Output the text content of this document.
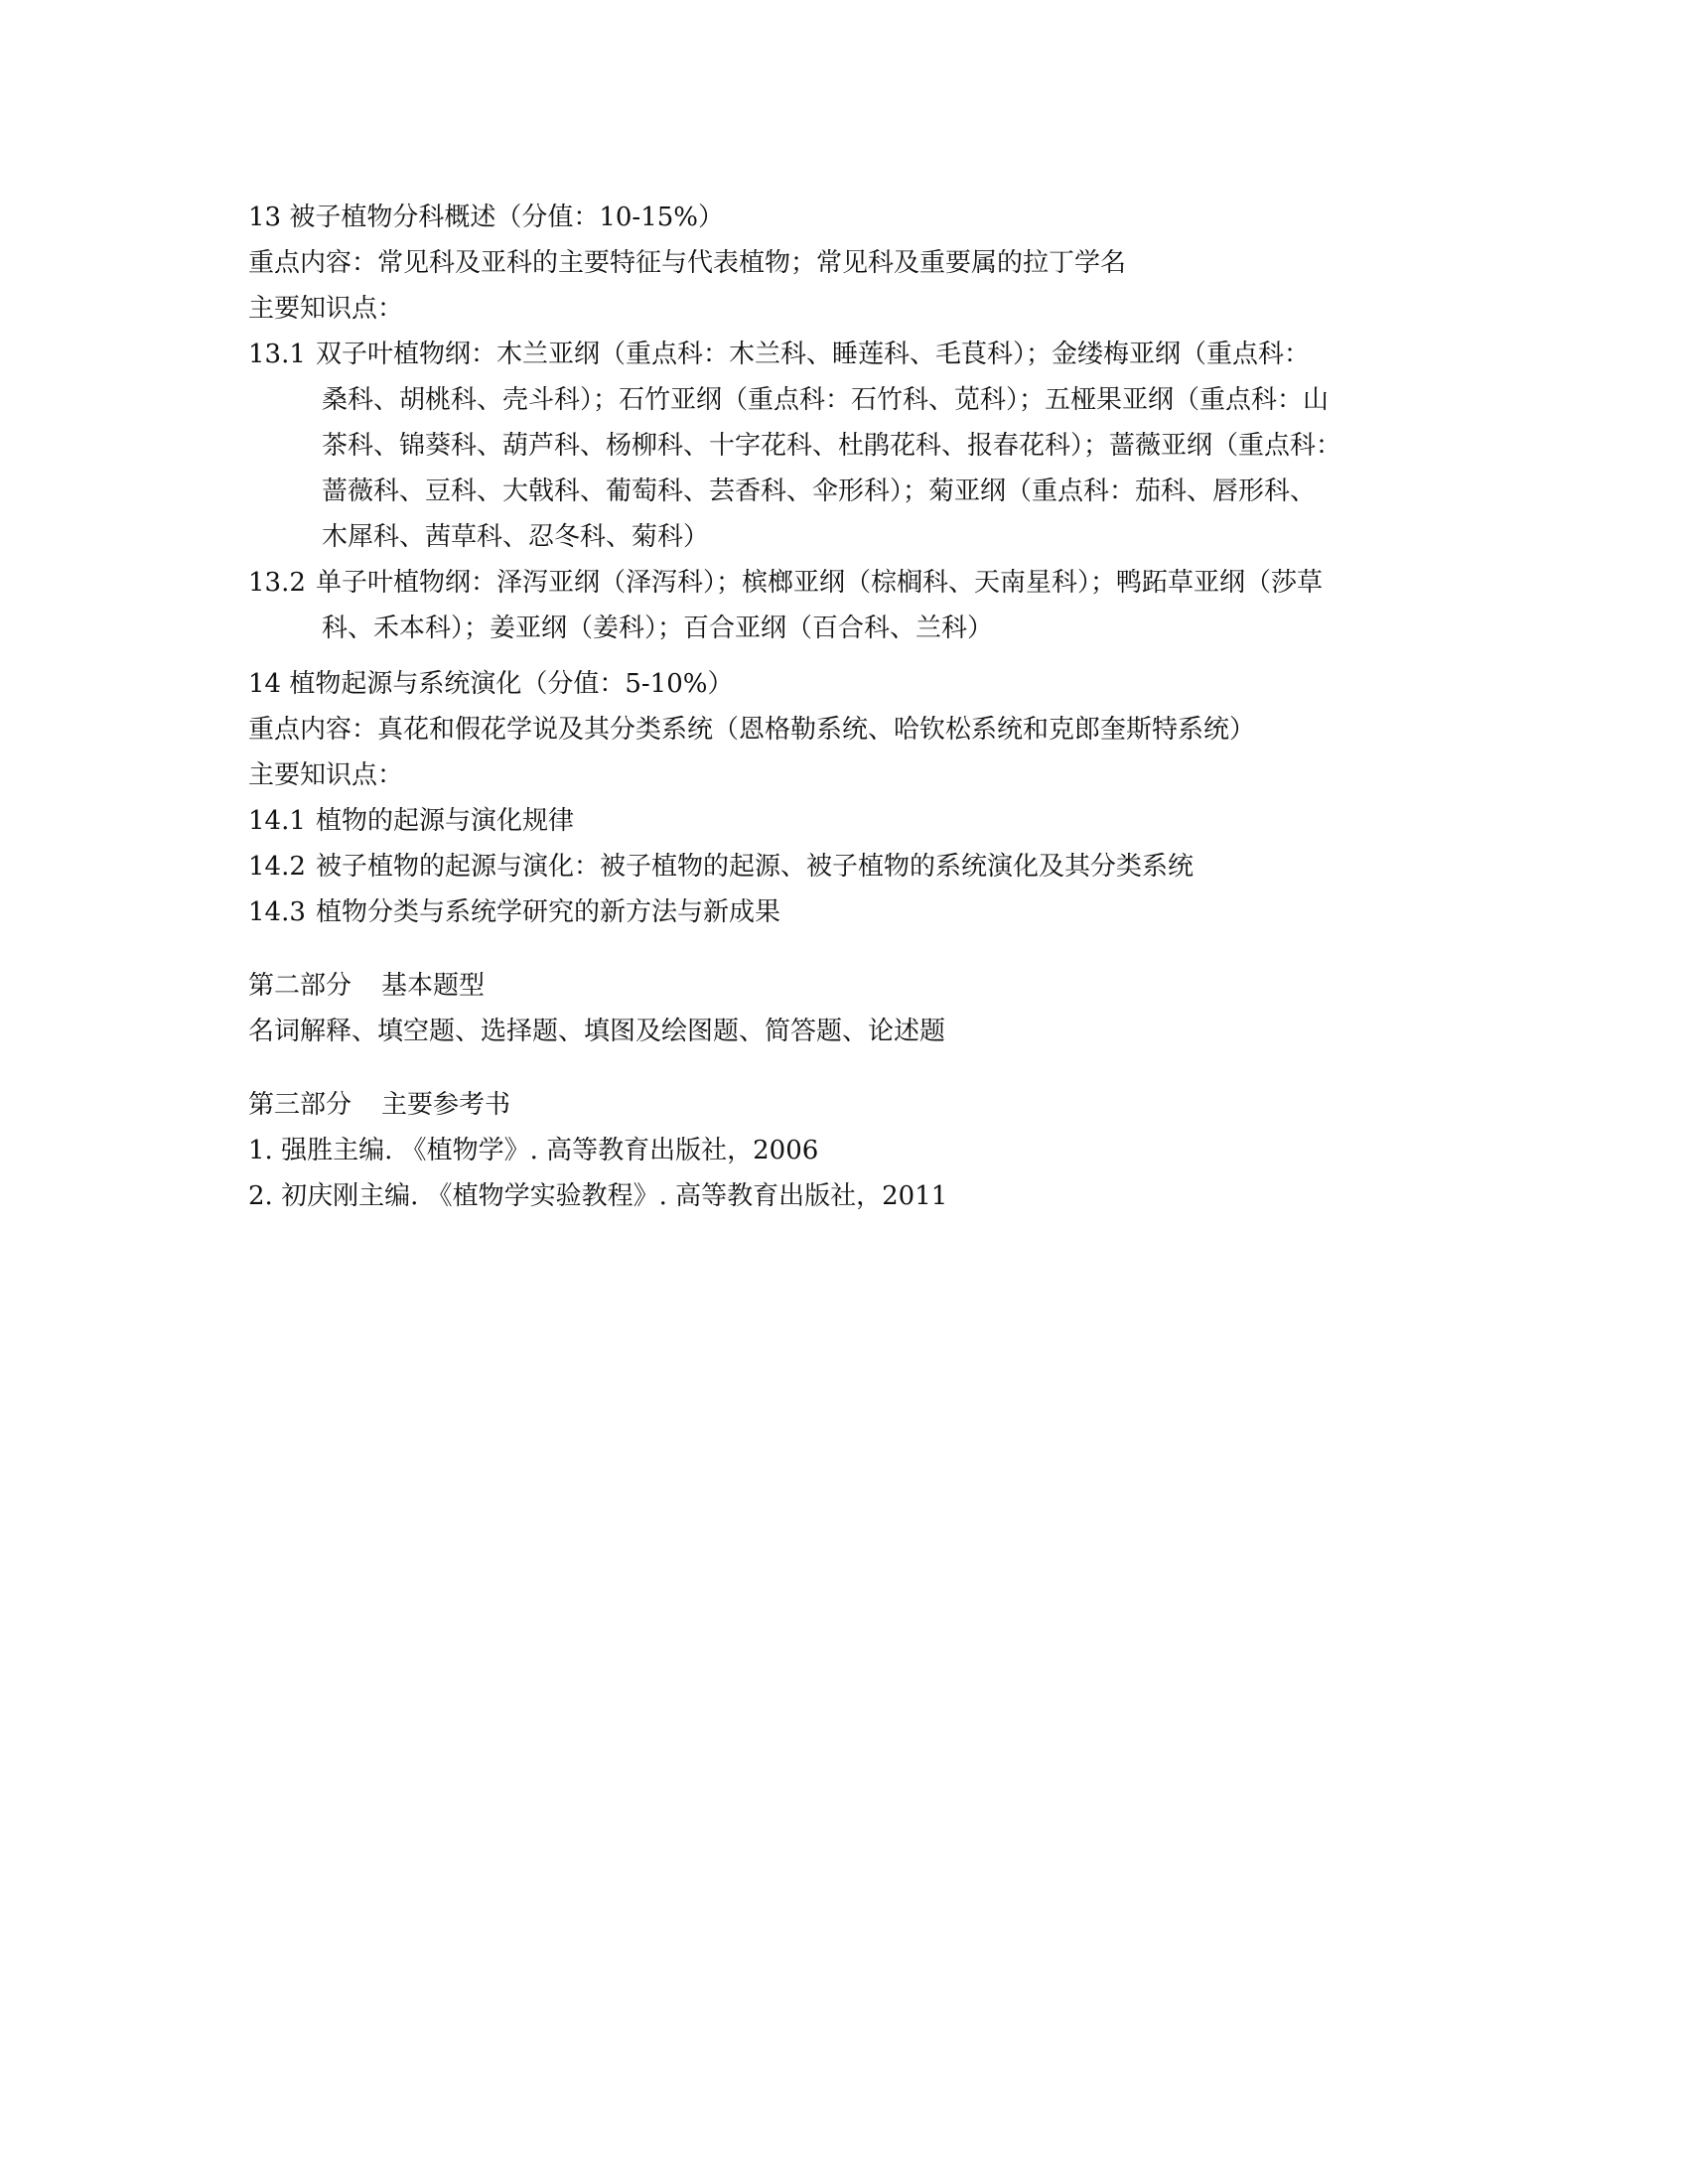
13 被子植物分科概述（分值：10-15%）
重点内容：常见科及亚科的主要特征与代表植物；常见科及重要属的拉丁学名
主要知识点：
13.1 双子叶植物纲：木兰亚纲（重点科：木兰科、睡莲科、毛茛科）；金缕梅亚纲（重点科：
桑科、胡桃科、壳斗科）；石竹亚纲（重点科：石竹科、苋科）；五桠果亚纲（重点科：山
茶科、锦葵科、葫芦科、杨柳科、十字花科、杜鹃花科、报春花科）；蔷薇亚纲（重点科：
蔷薇科、豆科、大戟科、葡萄科、芸香科、伞形科）；菊亚纲（重点科：茄科、唇形科、
木犀科、茜草科、忍冬科、菊科）
13.2 单子叶植物纲：泽泻亚纲（泽泻科）；槟榔亚纲（棕榈科、天南星科）；鸭跖草亚纲（莎草
科、禾本科）；姜亚纲（姜科）；百合亚纲（百合科、兰科）
14 植物起源与系统演化（分值：5-10%）
重点内容：真花和假花学说及其分类系统（恩格勒系统、哈钦松系统和克郎奎斯特系统）
主要知识点：
14.1 植物的起源与演化规律
14.2 被子植物的起源与演化：被子植物的起源、被子植物的系统演化及其分类系统
14.3 植物分类与系统学研究的新方法与新成果
第二部分 基本题型
名词解释、填空题、选择题、填图及绘图题、简答题、论述题
第三部分 主要参考书
1. 强胜主编. 《植物学》. 高等教育出版社，2006
2. 初庆刚主编. 《植物学实验教程》. 高等教育出版社，2011
